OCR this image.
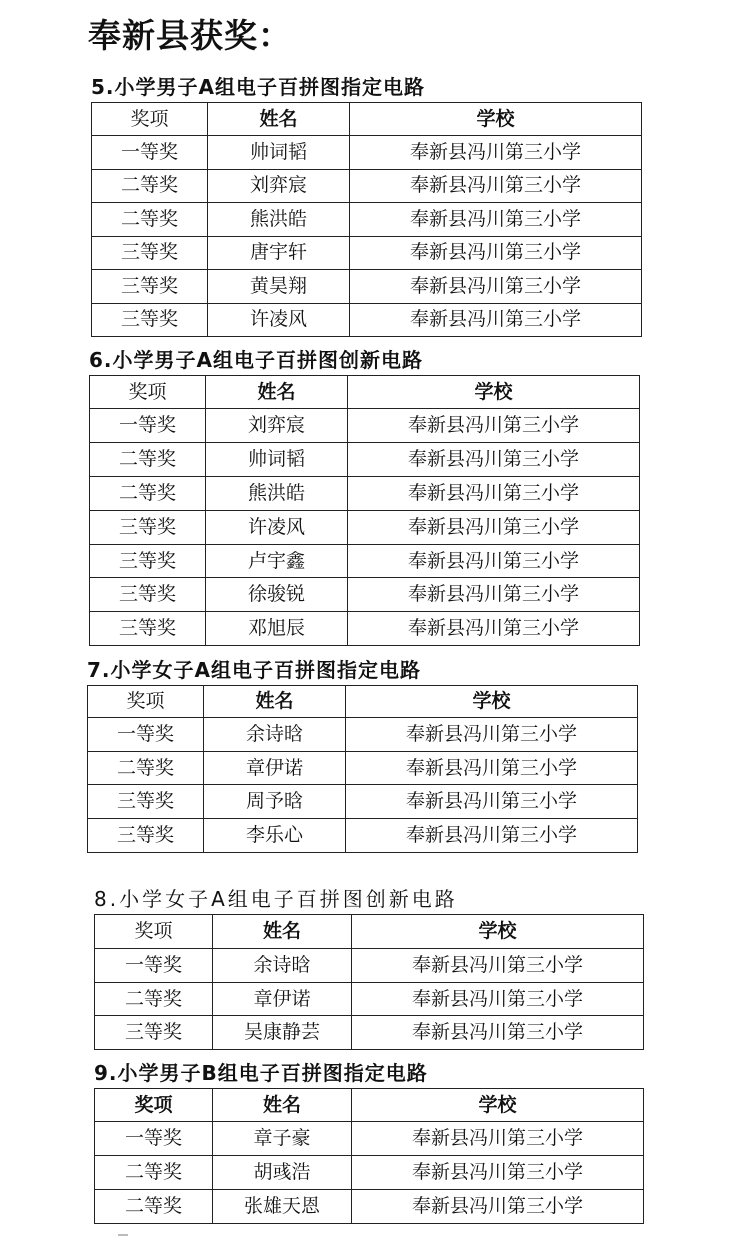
奉新县获奖：
5.小学男子A组电子百拼图指定电路
奖项	姓名	学校
一等奖	帅词韬	奉新县冯川第三小学
二等奖	刘弈宸	奉新县冯川第三小学
二等奖	熊洪皓	奉新县冯川第三小学
三等奖	唐宇轩	奉新县冯川第三小学
三等奖	黄昊翔	奉新县冯川第三小学
三等奖	许凌风	奉新县冯川第三小学
6.小学男子A组电子百拼图创新电路
奖项	姓名	学校
一等奖	刘弈宸	奉新县冯川第三小学
二等奖	帅词韬	奉新县冯川第三小学
二等奖	熊洪皓	奉新县冯川第三小学
三等奖	许凌风	奉新县冯川第三小学
三等奖	卢宇鑫	奉新县冯川第三小学
三等奖	徐骏锐	奉新县冯川第三小学
三等奖	邓旭辰	奉新县冯川第三小学
7.小学女子A组电子百拼图指定电路
奖项	姓名	学校
一等奖	余诗晗	奉新县冯川第三小学
二等奖	章伊诺	奉新县冯川第三小学
三等奖	周予晗	奉新县冯川第三小学
三等奖	李乐心	奉新县冯川第三小学
8.小学女子A组电子百拼图创新电路
奖项	姓名	学校
一等奖	余诗晗	奉新县冯川第三小学
二等奖	章伊诺	奉新县冯川第三小学
三等奖	吴康静芸	奉新县冯川第三小学
9.小学男子B组电子百拼图指定电路
奖项	姓名	学校
一等奖	章子豪	奉新县冯川第三小学
二等奖	胡彧浩	奉新县冯川第三小学
二等奖	张雄天恩	奉新县冯川第三小学
